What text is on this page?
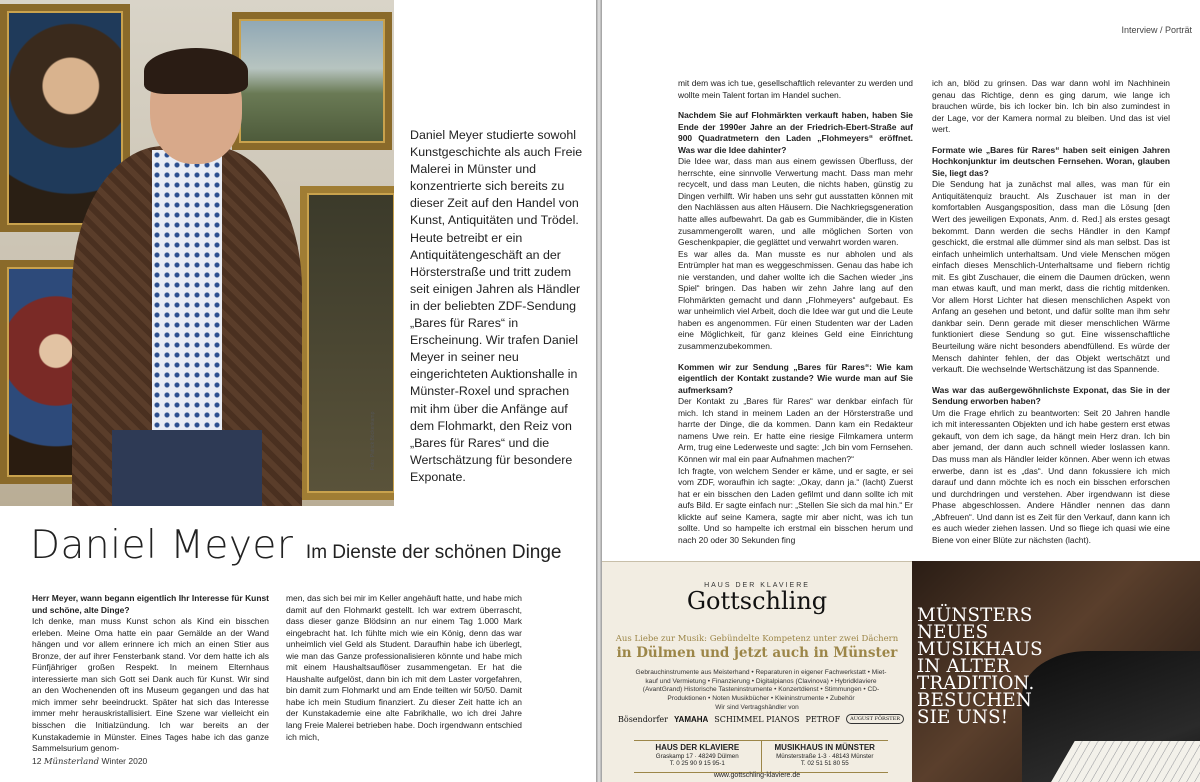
Foto: Patrick Böckenkamp
Daniel Meyer studierte sowohl Kunstgeschichte als auch Freie Malerei in Münster und konzentrierte sich bereits zu dieser Zeit auf den Handel von Kunst, Antiquitäten und Trödel. Heute betreibt er ein Antiquitätengeschäft an der Hörsterstraße und tritt zudem seit einigen Jahren als Händler in der beliebten ZDF-Sendung „Bares für Rares“ in Erscheinung. Wir trafen Daniel Meyer in seiner neu eingerichteten Auktionshalle in Münster-Roxel und sprachen mit ihm über die Anfänge auf dem Flohmarkt, den Reiz von „Bares für Rares“ und die Wertschätzung für besondere Exponate.
Daniel Meyer Im Dienste der schönen Dinge

Herr Meyer, wann begann eigentlich Ihr Interesse für Kunst und schöne, alte Dinge?

Ich denke, man muss Kunst schon als Kind ein bisschen erleben. Meine Oma hatte ein paar Gemälde an der Wand hängen und vor allem erinnere ich mich an einen Stier aus Bronze, der auf ihrer Fensterbank stand. Vor dem hatte ich als Fünfjähriger großen Respekt. In meinem Elternhaus interessierte man sich Gott sei Dank auch für Kunst. Wir sind an den Wochenenden oft ins Museum gegangen und das hat mich immer sehr beeindruckt. Später hat sich das Interesse immer mehr herauskristallisiert. Eine Szene war vielleicht ein bisschen die Initialzündung. Ich war bereits an der Kunstakademie in Münster. Eines Tages habe ich das ganze Sammelsurium genom-

men, das sich bei mir im Keller angehäuft hatte, und habe mich damit auf den Flohmarkt gestellt. Ich war extrem überrascht, dass dieser ganze Blödsinn an nur einem Tag 1.000 Mark eingebracht hat. Ich fühlte mich wie ein König, denn das war unheimlich viel Geld als Student. Daraufhin habe ich überlegt, wie man das Ganze professionalisieren könnte und habe mich mit einem Haushaltsauflöser zusammengetan. Er hat die Haushalte aufgelöst, dann bin ich mit dem Laster vorgefahren, bin damit zum Flohmarkt und am Ende teilten wir 50/50. Damit habe ich mein Studium finanziert. Zu dieser Zeit hatte ich an der Kunstakademie eine alte Fabrikhalle, wo ich drei Jahre lang Freie Malerei betrieben habe. Doch irgendwann entschied ich mich,

12 Münsterland Winter 2020
Interview / Porträt

mit dem was ich tue, gesellschaftlich relevanter zu werden und wollte mein Talent fortan im Handel suchen.

Nachdem Sie auf Flohmärkten verkauft haben, haben Sie Ende der 1990er Jahre an der Friedrich-Ebert-Straße auf 900 Quadratmetern den Laden „Flohmeyers“ eröffnet. Was war die Idee dahinter?

Die Idee war, dass man aus einem gewissen Überfluss, der herrschte, eine sinnvolle Verwertung macht. Dass man mehr recycelt, und dass man Leuten, die nichts haben, günstig zu Dingen verhilft. Wir haben uns sehr gut ausstatten können mit den Nachlässen aus alten Häusern. Die Nachkriegsgeneration hatte alles aufbewahrt. Da gab es Gummibänder, die in Kisten zusammengerollt waren, und alle möglichen Sorten von Geschenkpapier, die geglättet und verwahrt worden waren.

Es war alles da. Man musste es nur abholen und als Entrümpler hat man es weggeschmissen. Genau das habe ich nie verstanden, und daher wollte ich die Sachen wieder „ins Spiel“ bringen. Das haben wir zehn Jahre lang auf den Flohmärkten gemacht und dann „Flohmeyers“ aufgebaut. Es war unheimlich viel Arbeit, doch die Idee war gut und die Leute haben es angenommen. Für einen Studenten war der Laden eine Möglichkeit, für ganz kleines Geld eine Einrichtung zusammenzubekommen.

Kommen wir zur Sendung „Bares für Rares“: Wie kam eigentlich der Kontakt zustande? Wie wurde man auf Sie aufmerksam?

Der Kontakt zu „Bares für Rares“ war denkbar einfach für mich. Ich stand in meinem Laden an der Hörsterstraße und harrte der Dinge, die da kommen. Dann kam ein Redakteur namens Uwe rein. Er hatte eine riesige Filmkamera unterm Arm, trug eine Lederweste und sagte: „Ich bin vom Fernsehen. Können wir mal ein paar Aufnahmen machen?“

Ich fragte, von welchem Sender er käme, und er sagte, er sei vom ZDF, woraufhin ich sagte: „Okay, dann ja.“ (lacht) Zuerst hat er ein bisschen den Laden gefilmt und dann sollte ich mit aufs Bild. Er sagte einfach nur: „Stellen Sie sich da mal hin.“ Er klickte auf seine Kamera, sagte mir aber nicht, was ich tun sollte. Und so hampelte ich erstmal ein bisschen herum und nach 20 oder 30 Sekunden fing

ich an, blöd zu grinsen. Das war dann wohl im Nachhinein genau das Richtige, denn es ging darum, wie lange ich brauchen würde, bis ich locker bin. Ich bin also zumindest in der Lage, vor der Kamera normal zu bleiben. Und das ist viel wert.

Formate wie „Bares für Rares“ haben seit einigen Jahren Hochkonjunktur im deutschen Fernsehen. Woran, glauben Sie, liegt das?

Die Sendung hat ja zunächst mal alles, was man für ein Antiquitätenquiz braucht. Als Zuschauer ist man in der komfortablen Ausgangsposition, dass man die Lösung [den Wert des jeweiligen Exponats, Anm. d. Red.] als erstes gesagt bekommt. Dann werden die sechs Händler in den Kampf geschickt, die erstmal alle dümmer sind als man selbst. Das ist einfach unheimlich unterhaltsam. Und viele Menschen mögen einfach dieses Menschlich-Unterhaltsame und fiebern richtig mit. Es gibt Zuschauer, die einem die Daumen drücken, wenn man etwas kauft, und man merkt, dass die richtig mitdenken. Vor allem Horst Lichter hat diesen menschlichen Aspekt von Anfang an gesehen und betont, und dafür sollte man ihm sehr dankbar sein. Denn gerade mit dieser menschlichen Wärme funktioniert diese Sendung so gut. Eine wissenschaftliche Beurteilung wäre nicht besonders abendfüllend. Es würde der Mensch dahinter fehlen, der das Objekt wertschätzt und verkauft. Die wechselnde Wertschätzung ist das Spannende.

Was war das außergewöhnlichste Exponat, das Sie in der Sendung erworben haben?

Um die Frage ehrlich zu beantworten: Seit 20 Jahren handle ich mit interessanten Objekten und ich habe gestern erst etwas gekauft, von dem ich sage, da hängt mein Herz dran. Ich bin aber jemand, der dann auch schnell wieder loslassen kann. Das muss man als Händler leider können. Aber wenn ich etwas erwerbe, dann ist es „das“. Und dann fokussiere ich mich darauf und dann möchte ich es noch ein bisschen erforschen und durchdringen und verstehen. Aber irgendwann ist diese Phase abgeschlossen. Andere Händler nennen das dann „Abfreuen“. Und dann ist es Zeit für den Verkauf, dann kann ich es auch wieder ziehen lassen. Und so fliege ich quasi wie eine Biene von einer Blüte zur nächsten (lacht).

HAUS DER KLAVIERE
Gottschling
Aus Liebe zur Musik: Gebündelte Kompetenz unter zwei Dächern
in Dülmen und jetzt auch in Münster
Gebrauchinstrumente aus Meisterhand • Reparaturen in eigener Fachwerkstatt • Miet-kauf und Vermietung • Finanzierung • Digitalpianos (Clavinova) • Hybridklaviere (AvantGrand) Historische Tasteninstrumente • Konzertdienst • Stimmungen • CD-Produktionen • Noten Musikbücher • Kleininstrumente • Zubehör
Wir sind Vertragshändler von
Bösendorfer YAMAHA SCHIMMEL PIANOS PETROF	AUGUST FÖRSTER
HAUS DER KLAVIERE
Graskamp 17 · 48249 Dülmen
T. 0 25 90 9 15 95-1
MUSIKHAUS IN MÜNSTER
Münsterstraße 1-3 · 48143 Münster
T. 02 51 51 80 55
www.gottschling-klaviere.de
MÜNSTERS NEUES MUSIKHAUS IN ALTER TRADITION. BESUCHEN SIE UNS!
